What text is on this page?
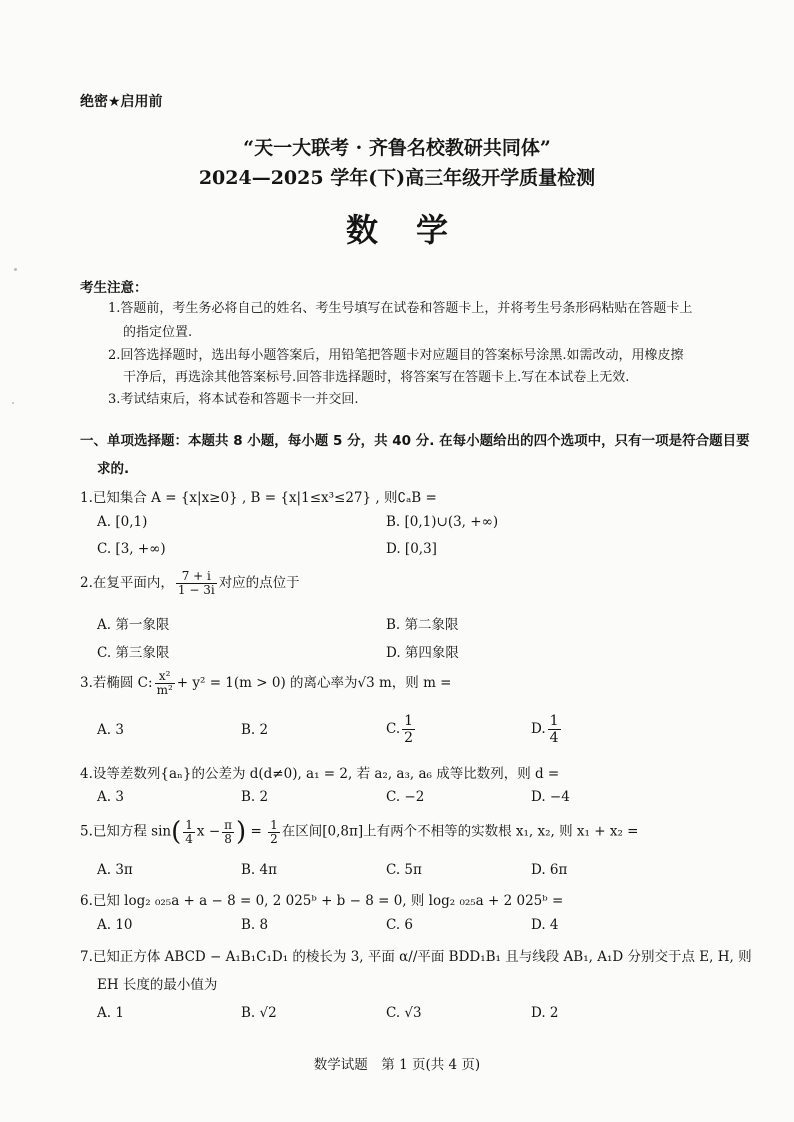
绝密★启用前
“天一大联考 · 齐鲁名校教研共同体”
2024—2025 学年(下)高三年级开学质量检测
数学
考生注意：
1.答题前，考生务必将自己的姓名、考生号填写在试卷和答题卡上，并将考生号条形码粘贴在答题卡上
的指定位置.
2.回答选择题时，选出每小题答案后，用铅笔把答题卡对应题目的答案标号涂黑.如需改动，用橡皮擦
干净后，再选涂其他答案标号.回答非选择题时，将答案写在答题卡上.写在本试卷上无效.
3.考试结束后，将本试卷和答题卡一并交回.
一、单项选择题：本题共 8 小题，每小题 5 分，共 40 分. 在每小题给出的四个选项中，只有一项是符合题目要
求的.
1.已知集合 A = {x|x≥0} , B = {x|1≤x³≤27} , 则∁ₐB =
A. [0,1)	B. [0,1)∪(3, +∞)
C. [3, +∞)	D. [0,3]
2.在复平面内， $\frac{7 + i}{1 - 3i}$ 对应的点位于
A. 第一象限	B. 第二象限
C. 第三象限	D. 第四象限
3.若椭圆 C: $\frac{\text{x²}}{\text{m²}} + y^2 = 1(m > 0)$ 的离心率为√3 m，则 m =
A. 3	B. 2	C. $\frac{1}{2}$	D. $\frac{1}{4}$
4.设等差数列{aₙ}的公差为 d(d≠0), a₁ = 2, 若 a₂, a₃, a₆ 成等比数列，则 d =
A. 3	B. 2	C. −2	D. −4
5.已知方程 $\sin( \frac{1}{4}$ $x - \frac{\pi}{8}$ ) = $\frac{1}{2}$ 在区间[0,8π]上有两个不相等的实数根 x₁, x₂, 则 x₁ + x₂ =
A. 3π	B. 4π	C. 5π	D. 6π
6.已知 log₂ ₀₂₅a + a − 8 = 0, 2 025ᵇ + b − 8 = 0, 则 log₂ ₀₂₅a + 2 025ᵇ =
A. 10	B. 8	C. 6	D. 4
7.已知正方体 ABCD − A₁B₁C₁D₁ 的棱长为 3, 平面 α//平面 BDD₁B₁ 且与线段 AB₁, A₁D 分别交于点 E, H, 则
EH 长度的最小值为
A. 1	B. √2	C. √3	D. 2
数学试题　第 1 页(共 4 页)
